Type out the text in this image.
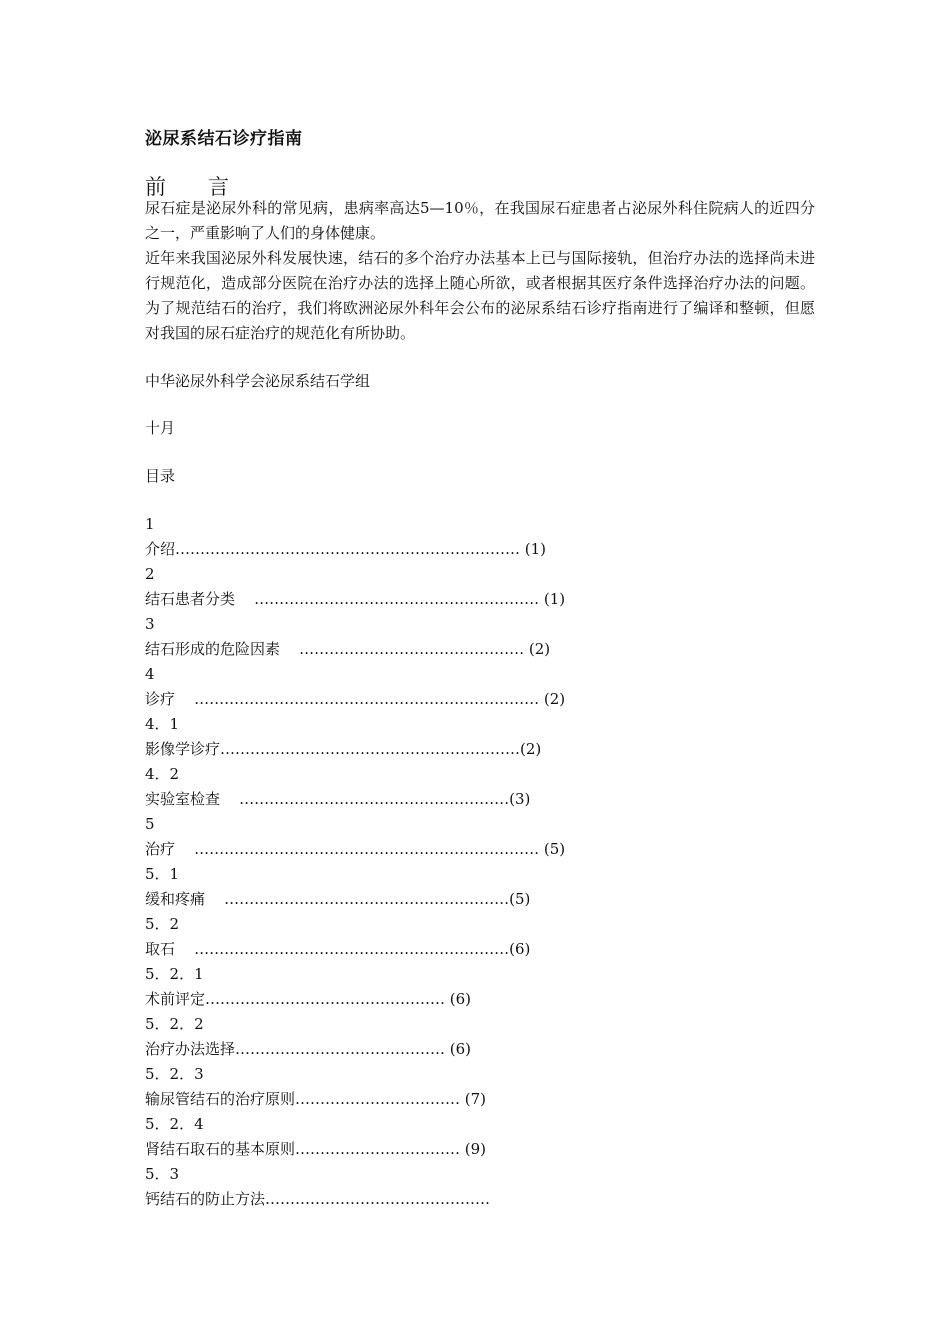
泌尿系结石诊疗指南
前言

尿石症是泌尿外科的常见病，患病率高达5—10％，在我国尿石症患者占泌尿外科住院病人的近四分之一，严重影响了人们的身体健康。

近年来我国泌尿外科发展快速，结石的多个治疗办法基本上已与国际接轨，但治疗办法的选择尚未进行规范化，造成部分医院在治疗办法的选择上随心所欲，或者根据其医疗条件选择治疗办法的问题。为了规范结石的治疗，我们将欧洲泌尿外科年会公布的泌尿系结石诊疗指南进行了编译和整顿，但愿对我国的尿石症治疗的规范化有所协助。

中华泌尿外科学会泌尿系结石学组
十月
目录
1
介绍…………………………………………………………… (1)
2
结石患者分类 ………………………………………………… (1)
3
结石形成的危险因素 ……………………………………… (2)
4
诊疗 …………………………………………………………… (2)
4．1
影像学诊疗……………………………………………………(2)
4．2
实验室检查 ………………………………………………(3)
5
治疗 …………………………………………………………… (5)
5．1
缓和疼痛 …………………………………………………(5)
5．2
取石 ………………………………………………………(6)
5．2．1
术前评定………………………………………… (6)
5．2．2
治疗办法选择…………………………………… (6)
5．2．3
输尿管结石的治疗原则…………………………… (7)
5．2．4
肾结石取石的基本原则…………………………… (9)
5．3
钙结石的防止方法………………………………………
